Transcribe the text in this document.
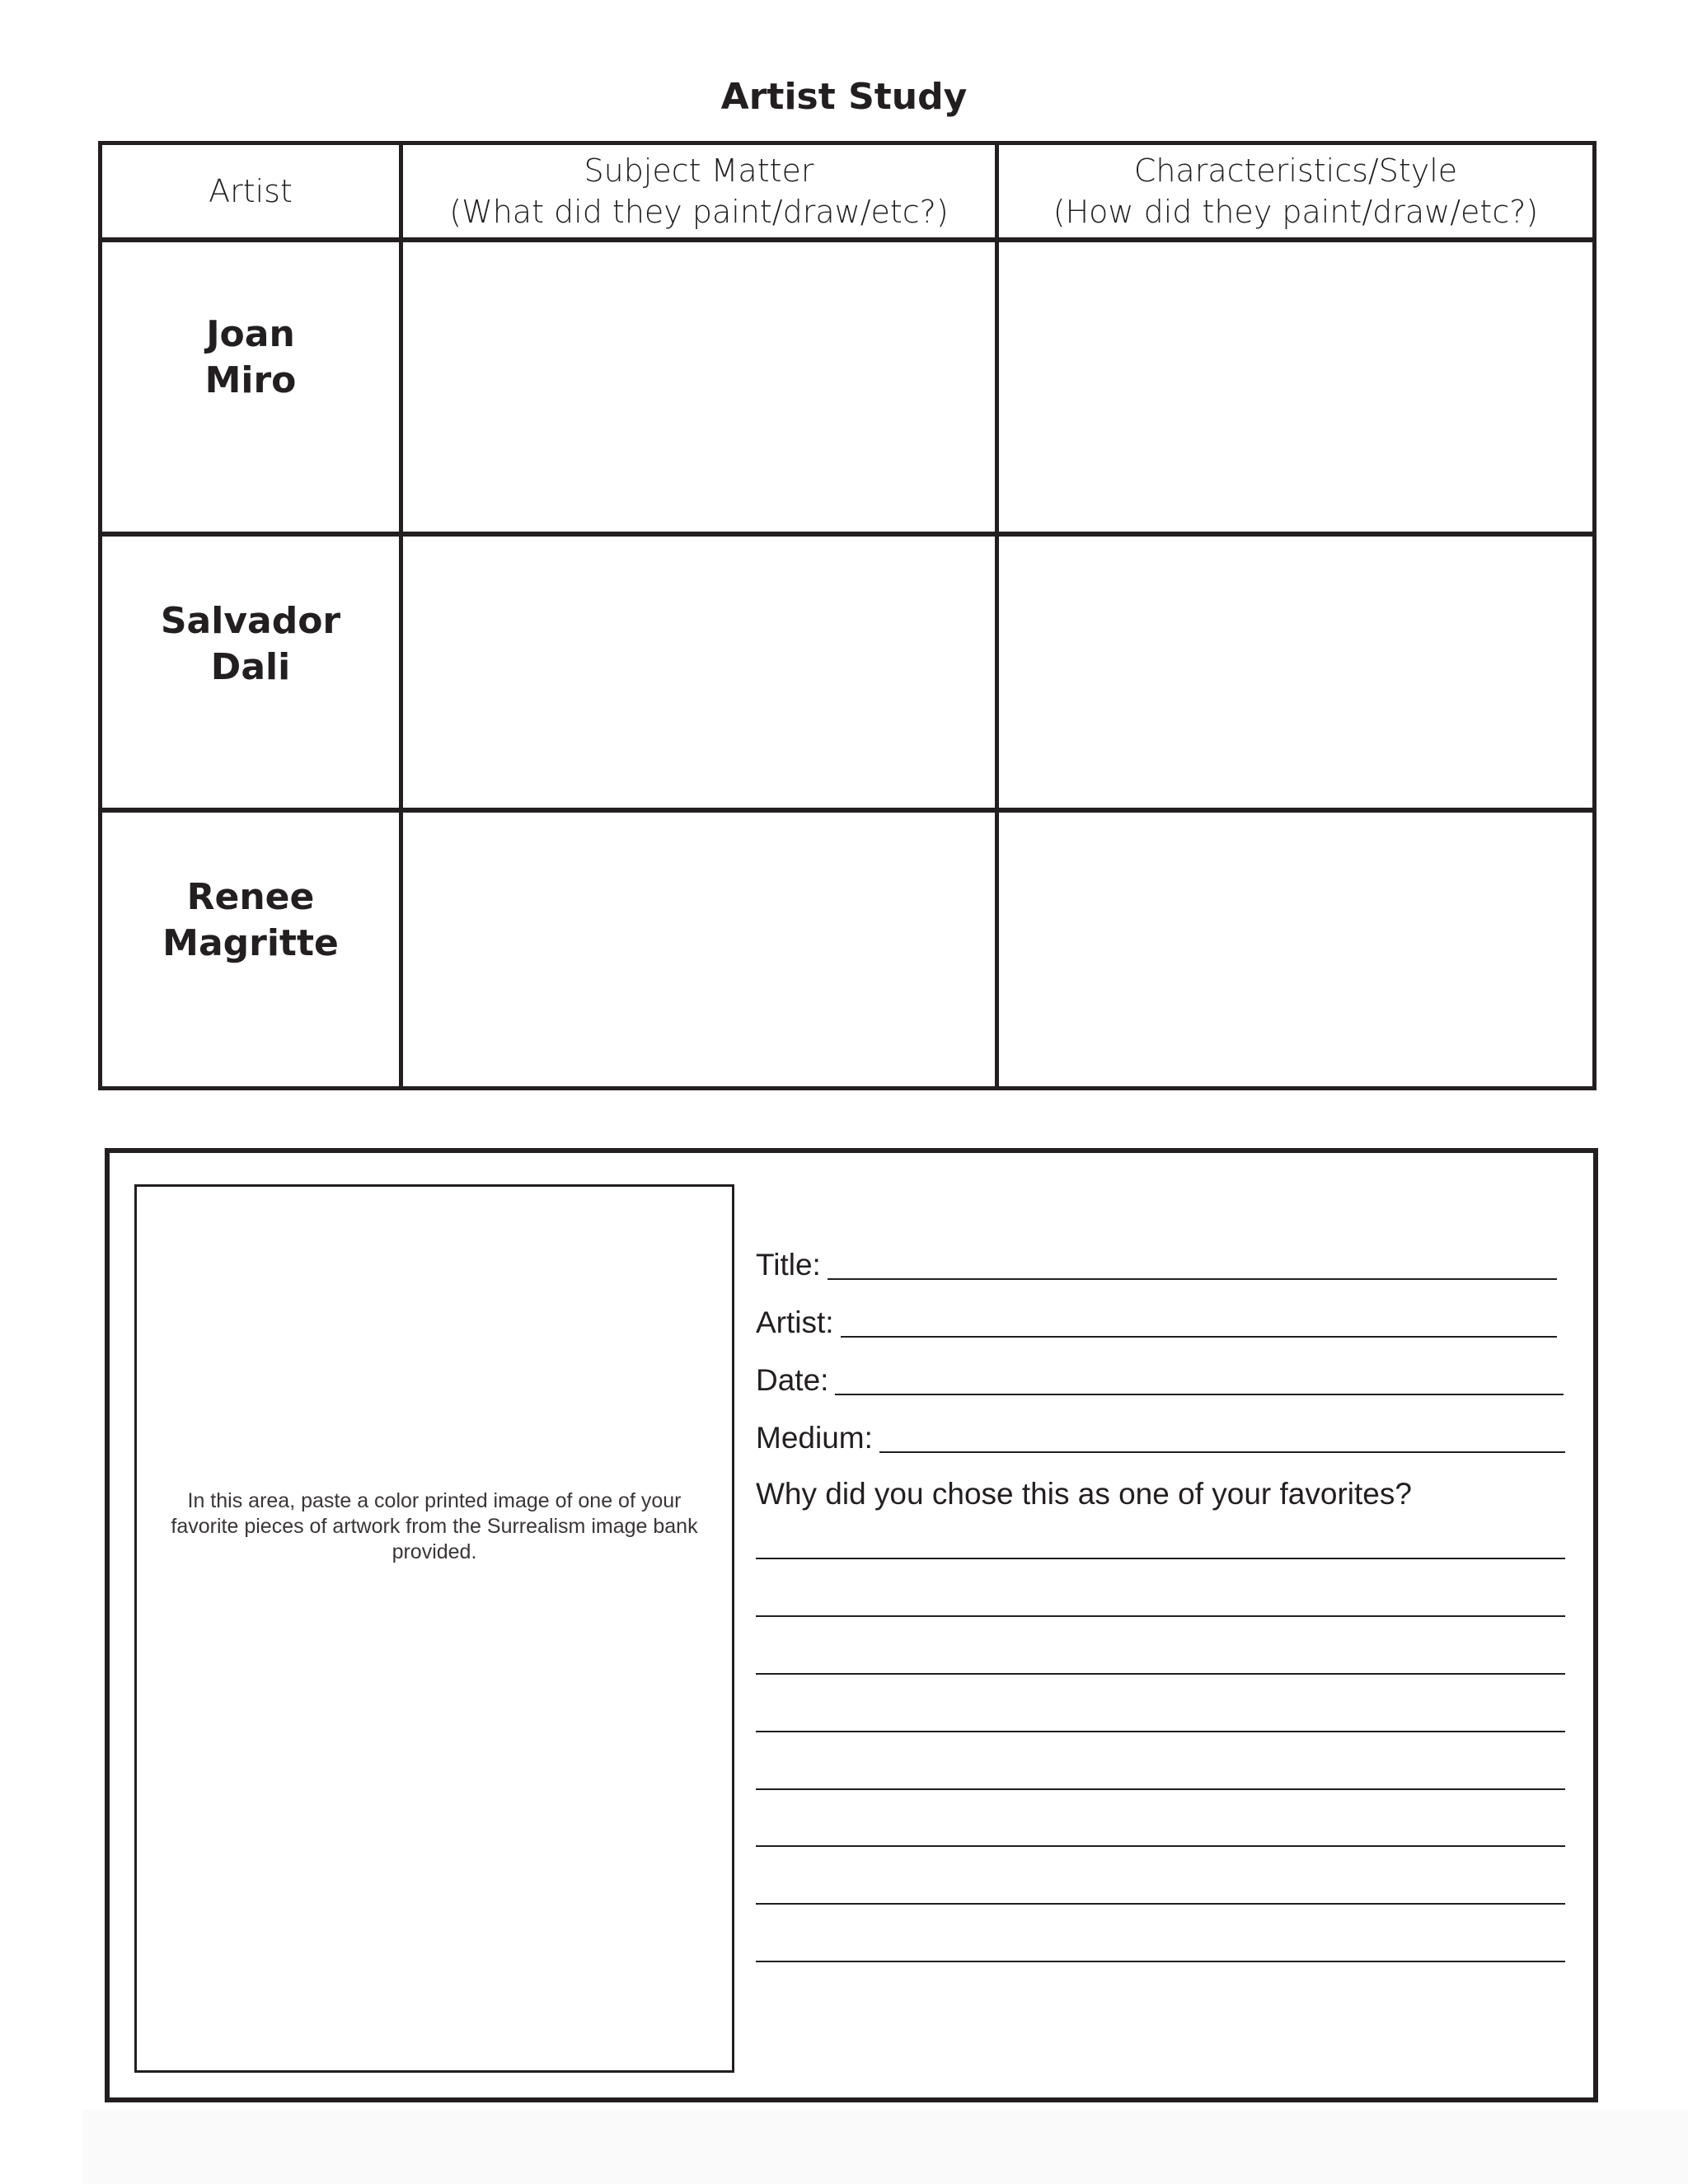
Artist Study
Artist
Subject Matter
(What did they paint/draw/etc?)
Characteristics/Style
(How did they paint/draw/etc?)
Joan
Miro
Salvador
Dali
Renee
Magritte
In this area, paste a color printed image of one of your favorite pieces of artwork from the Surrealism image bank provided.
Title:
Artist:
Date:
Medium:
Why did you chose this as one of your favorites?
